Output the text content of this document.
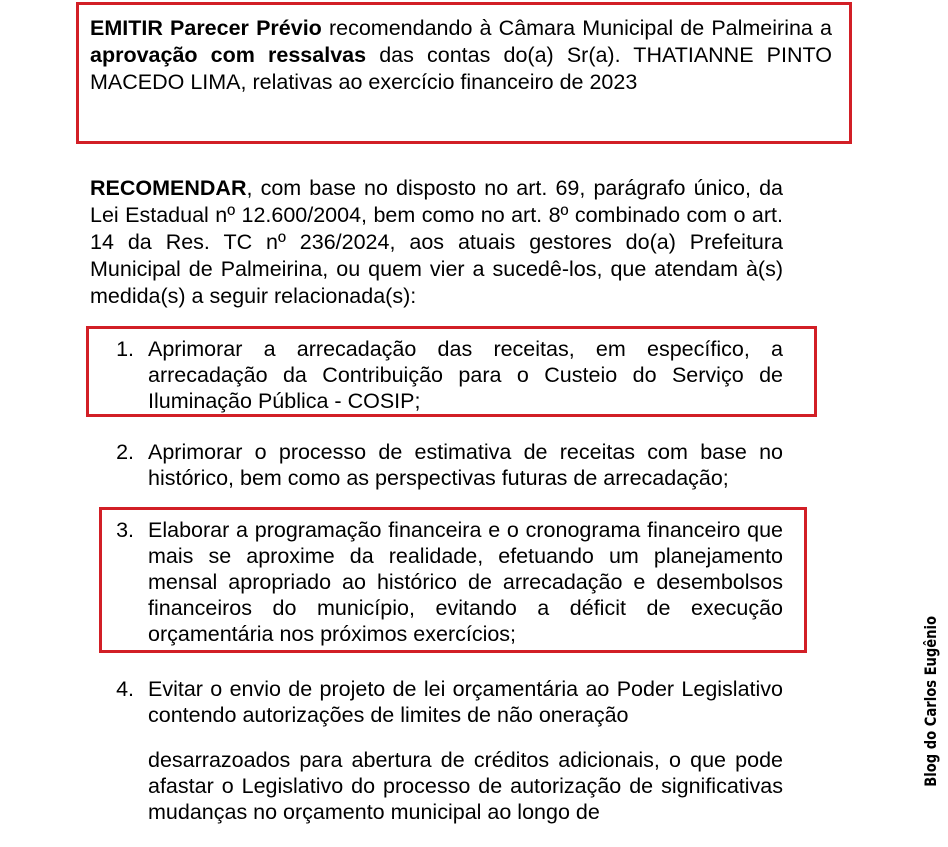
EMITIR Parecer Prévio recomendando à Câmara Municipal de Palmeirina a aprovação com ressalvas das contas do(a) Sr(a). THATIANNE PINTO MACEDO LIMA, relativas ao exercício financeiro de 2023
RECOMENDAR, com base no disposto no art. 69, parágrafo único, da Lei Estadual nº 12.600/2004, bem como no art. 8º combinado com o art. 14 da Res. TC nº 236/2024, aos atuais gestores do(a) Prefeitura Municipal de Palmeirina, ou quem vier a sucedê-los, que atendam à(s) medida(s) a seguir relacionada(s):
1. Aprimorar a arrecadação das receitas, em específico, a arrecadação da Contribuição para o Custeio do Serviço de Iluminação Pública - COSIP;
2. Aprimorar o processo de estimativa de receitas com base no histórico, bem como as perspectivas futuras de arrecadação;
3. Elaborar a programação financeira e o cronograma financeiro que mais se aproxime da realidade, efetuando um planejamento mensal apropriado ao histórico de arrecadação e desembolsos financeiros do município, evitando a déficit de execução orçamentária nos próximos exercícios;
4. Evitar o envio de projeto de lei orçamentária ao Poder Legislativo contendo autorizações de limites de não oneração
desarrazoados para abertura de créditos adicionais, o que pode afastar o Legislativo do processo de autorização de significativas mudanças no orçamento municipal ao longo de
Blog do Carlos Eugênio
